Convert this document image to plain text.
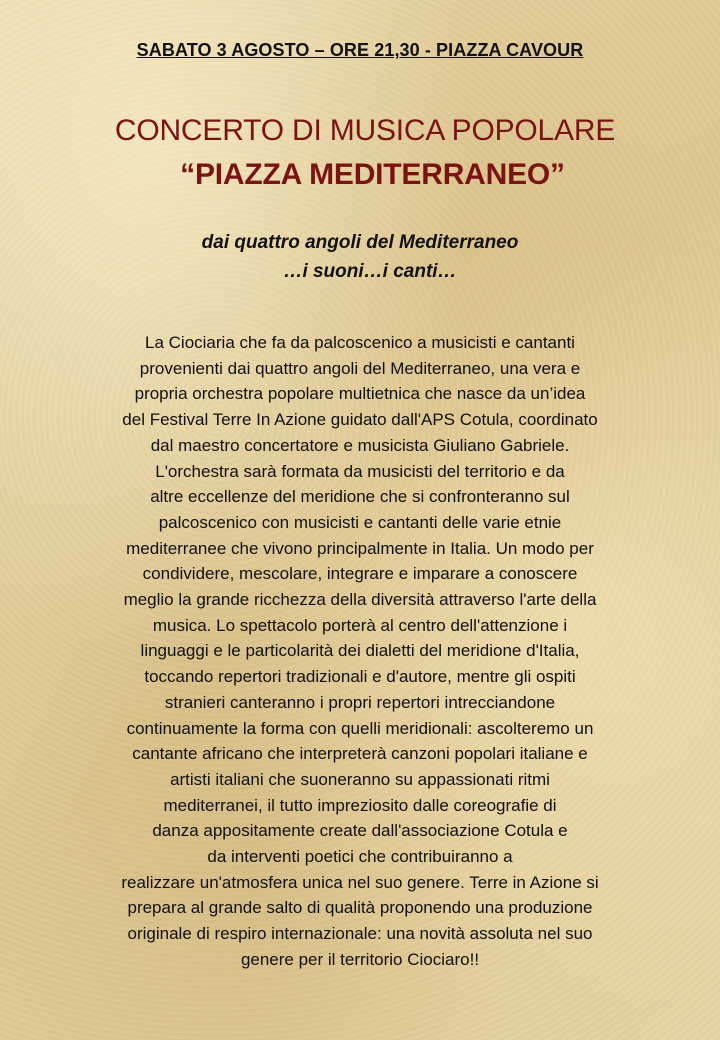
SABATO 3 AGOSTO – ORE 21,30 - PIAZZA CAVOUR
CONCERTO DI MUSICA POPOLARE
“PIAZZA MEDITERRANEO”
dai quattro angoli del Mediterraneo
…i suoni…i canti…
La Ciociaria che fa da palcoscenico a musicisti e cantanti
provenienti dai quattro angoli del Mediterraneo, una vera e
propria orchestra popolare multietnica che nasce da un’idea
del Festival Terre In Azione guidato dall'APS Cotula, coordinato
dal maestro concertatore e musicista Giuliano Gabriele.
L'orchestra sarà formata da musicisti del territorio e da
altre eccellenze del meridione che si confronteranno sul
palcoscenico con musicisti e cantanti delle varie etnie
mediterranee che vivono principalmente in Italia. Un modo per
condividere, mescolare, integrare e imparare a conoscere
meglio la grande ricchezza della diversità attraverso l'arte della
musica. Lo spettacolo porterà al centro dell'attenzione i
linguaggi e le particolarità dei dialetti del meridione d'Italia,
toccando repertori tradizionali e d'autore, mentre gli ospiti
stranieri canteranno i propri repertori intrecciandone
continuamente la forma con quelli meridionali: ascolteremo un
cantante africano che interpreterà canzoni popolari italiane e
artisti italiani che suoneranno su appassionati ritmi
mediterranei, il tutto impreziosito dalle coreografie di
danza appositamente create dall'associazione Cotula e
da interventi poetici che contribuiranno a
realizzare un'atmosfera unica nel suo genere. Terre in Azione si
prepara al grande salto di qualità proponendo una produzione
originale di respiro internazionale: una novità assoluta nel suo
genere per il territorio Ciociaro!!
